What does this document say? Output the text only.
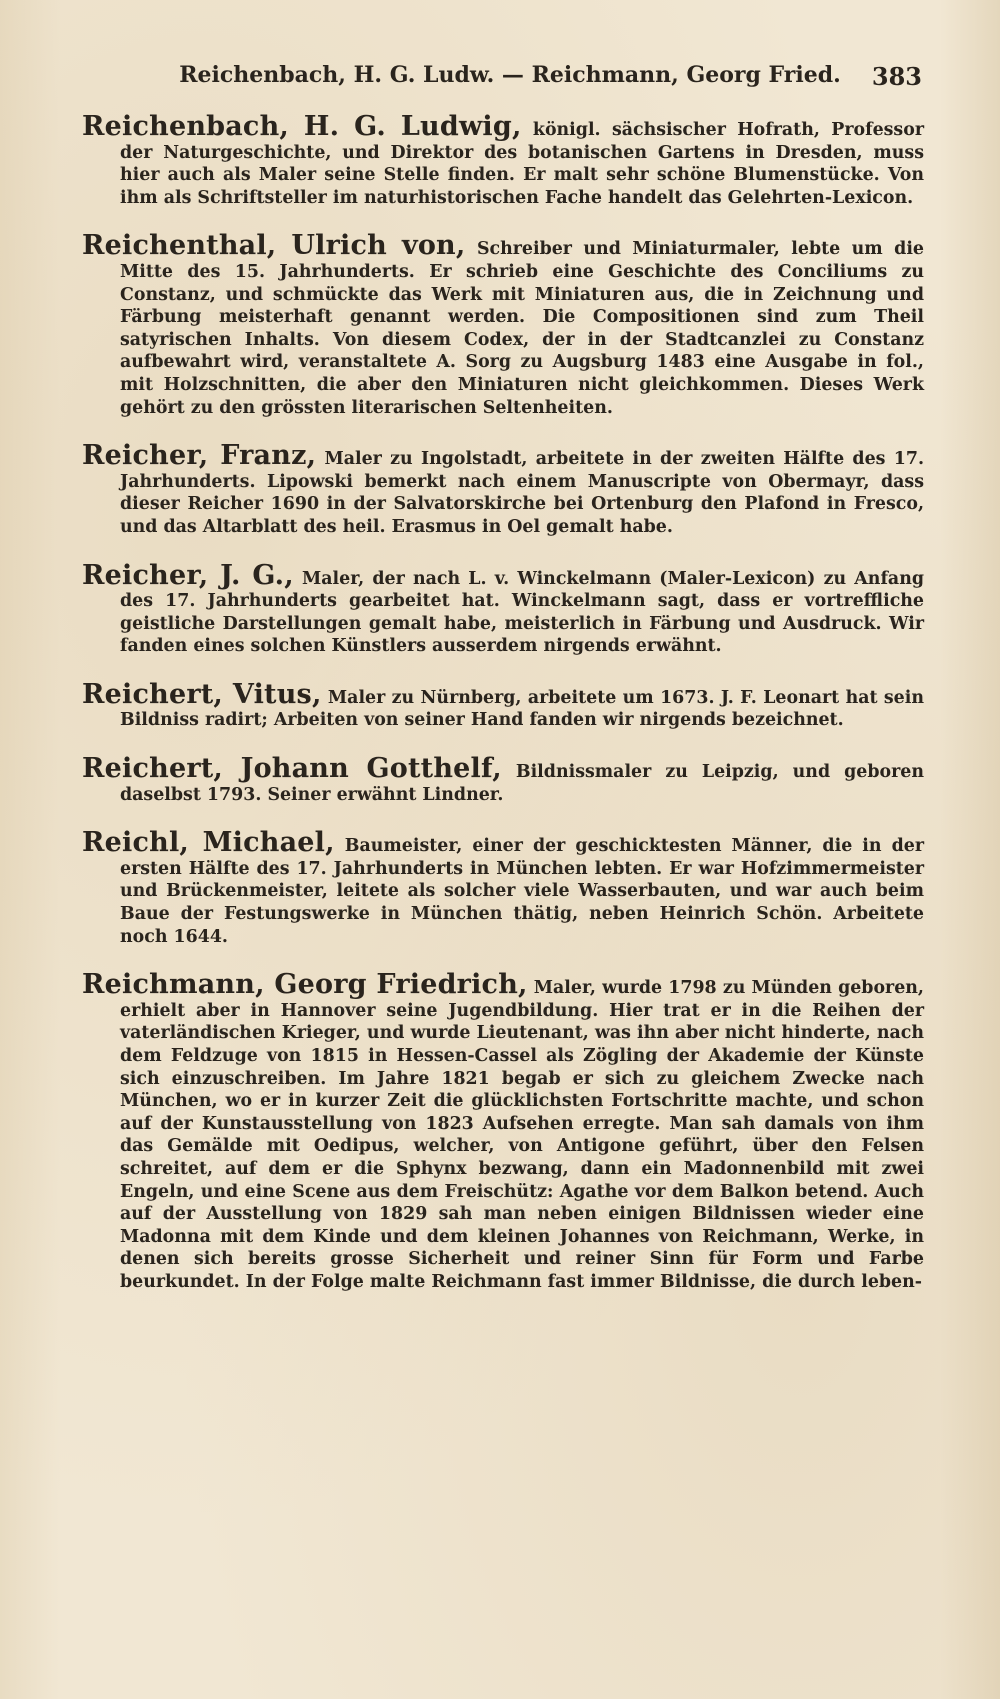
Reichenbach, H. G. Ludw. — Reichmann, Georg Fried. 383

Reichenbach, H. G. Ludwig, königl. sächsischer Hofrath, Professor der Naturgeschichte, und Direktor des botanischen Gartens in Dresden, muss hier auch als Maler seine Stelle finden. Er malt sehr schöne Blumenstücke. Von ihm als Schriftsteller im naturhistorischen Fache handelt das Gelehrten-Lexicon.

Reichenthal, Ulrich von, Schreiber und Miniaturmaler, lebte um die Mitte des 15. Jahrhunderts. Er schrieb eine Geschichte des Conciliums zu Constanz, und schmückte das Werk mit Miniaturen aus, die in Zeichnung und Färbung meisterhaft genannt werden. Die Compositionen sind zum Theil satyrischen Inhalts. Von diesem Codex, der in der Stadtcanzlei zu Constanz aufbewahrt wird, veranstaltete A. Sorg zu Augsburg 1483 eine Ausgabe in fol., mit Holzschnitten, die aber den Miniaturen nicht gleichkommen. Dieses Werk gehört zu den grössten literarischen Seltenheiten.

Reicher, Franz, Maler zu Ingolstadt, arbeitete in der zweiten Hälfte des 17. Jahrhunderts. Lipowski bemerkt nach einem Manuscripte von Obermayr, dass dieser Reicher 1690 in der Salvatorskirche bei Ortenburg den Plafond in Fresco, und das Altarblatt des heil. Erasmus in Oel gemalt habe.

Reicher, J. G., Maler, der nach L. v. Winckelmann (Maler-Lexicon) zu Anfang des 17. Jahrhunderts gearbeitet hat. Winckelmann sagt, dass er vortreffliche geistliche Darstellungen gemalt habe, meisterlich in Färbung und Ausdruck. Wir fanden eines solchen Künstlers ausserdem nirgends erwähnt.

Reichert, Vitus, Maler zu Nürnberg, arbeitete um 1673. J. F. Leonart hat sein Bildniss radirt; Arbeiten von seiner Hand fanden wir nirgends bezeichnet.

Reichert, Johann Gotthelf, Bildnissmaler zu Leipzig, und geboren daselbst 1793. Seiner erwähnt Lindner.

Reichl, Michael, Baumeister, einer der geschicktesten Männer, die in der ersten Hälfte des 17. Jahrhunderts in München lebten. Er war Hofzimmermeister und Brückenmeister, leitete als solcher viele Wasserbauten, und war auch beim Baue der Festungswerke in München thätig, neben Heinrich Schön. Arbeitete noch 1644.

Reichmann, Georg Friedrich, Maler, wurde 1798 zu Münden geboren, erhielt aber in Hannover seine Jugendbildung. Hier trat er in die Reihen der vaterländischen Krieger, und wurde Lieutenant, was ihn aber nicht hinderte, nach dem Feldzuge von 1815 in Hessen-Cassel als Zögling der Akademie der Künste sich einzuschreiben. Im Jahre 1821 begab er sich zu gleichem Zwecke nach München, wo er in kurzer Zeit die glücklichsten Fortschritte machte, und schon auf der Kunstausstellung von 1823 Aufsehen erregte. Man sah damals von ihm das Gemälde mit Oedipus, welcher, von Antigone geführt, über den Felsen schreitet, auf dem er die Sphynx bezwang, dann ein Madonnenbild mit zwei Engeln, und eine Scene aus dem Freischütz: Agathe vor dem Balkon betend. Auch auf der Ausstellung von 1829 sah man neben einigen Bildnissen wieder eine Madonna mit dem Kinde und dem kleinen Johannes von Reichmann, Werke, in denen sich bereits grosse Sicherheit und reiner Sinn für Form und Farbe beurkundet. In der Folge malte Reichmann fast immer Bildnisse, die durch leben-
